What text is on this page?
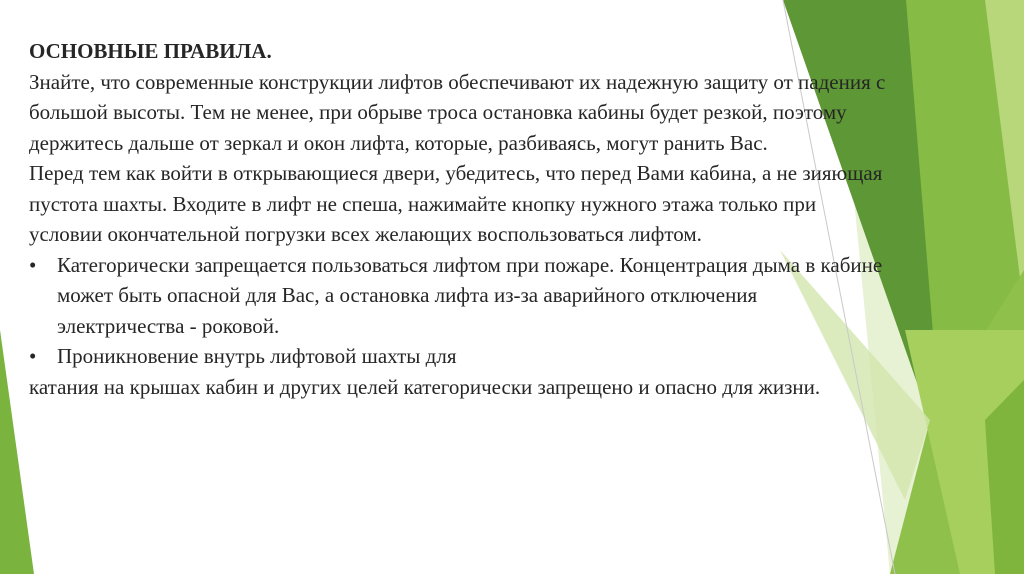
ОСНОВНЫЕ ПРАВИЛА.

Знайте, что современные конструкции лифтов обеспечивают их надежную защиту от падения с большой высоты. Тем не менее, при обрыве троса остановка кабины будет резкой, поэтому держитесь дальше от зеркал и окон лифта, которые, разбиваясь, могут ранить Вас.

Перед тем как войти в открывающиеся двери, убедитесь, что перед Вами кабина, а не зияющая пустота шахты. Входите в лифт не спеша, нажимайте кнопку нужного этажа только при условии окончательной погрузки всех желающих воспользоваться лифтом.

• Категорически запрещается пользоваться лифтом при пожаре. Концентрация дыма в кабине может быть опасной для Вас, а остановка лифта из-за аварийного отключения электричества - роковой.
• Проникновение внутрь лифтовой шахты для

катания на крышах кабин и других целей категорически запрещено и опасно для жизни.
